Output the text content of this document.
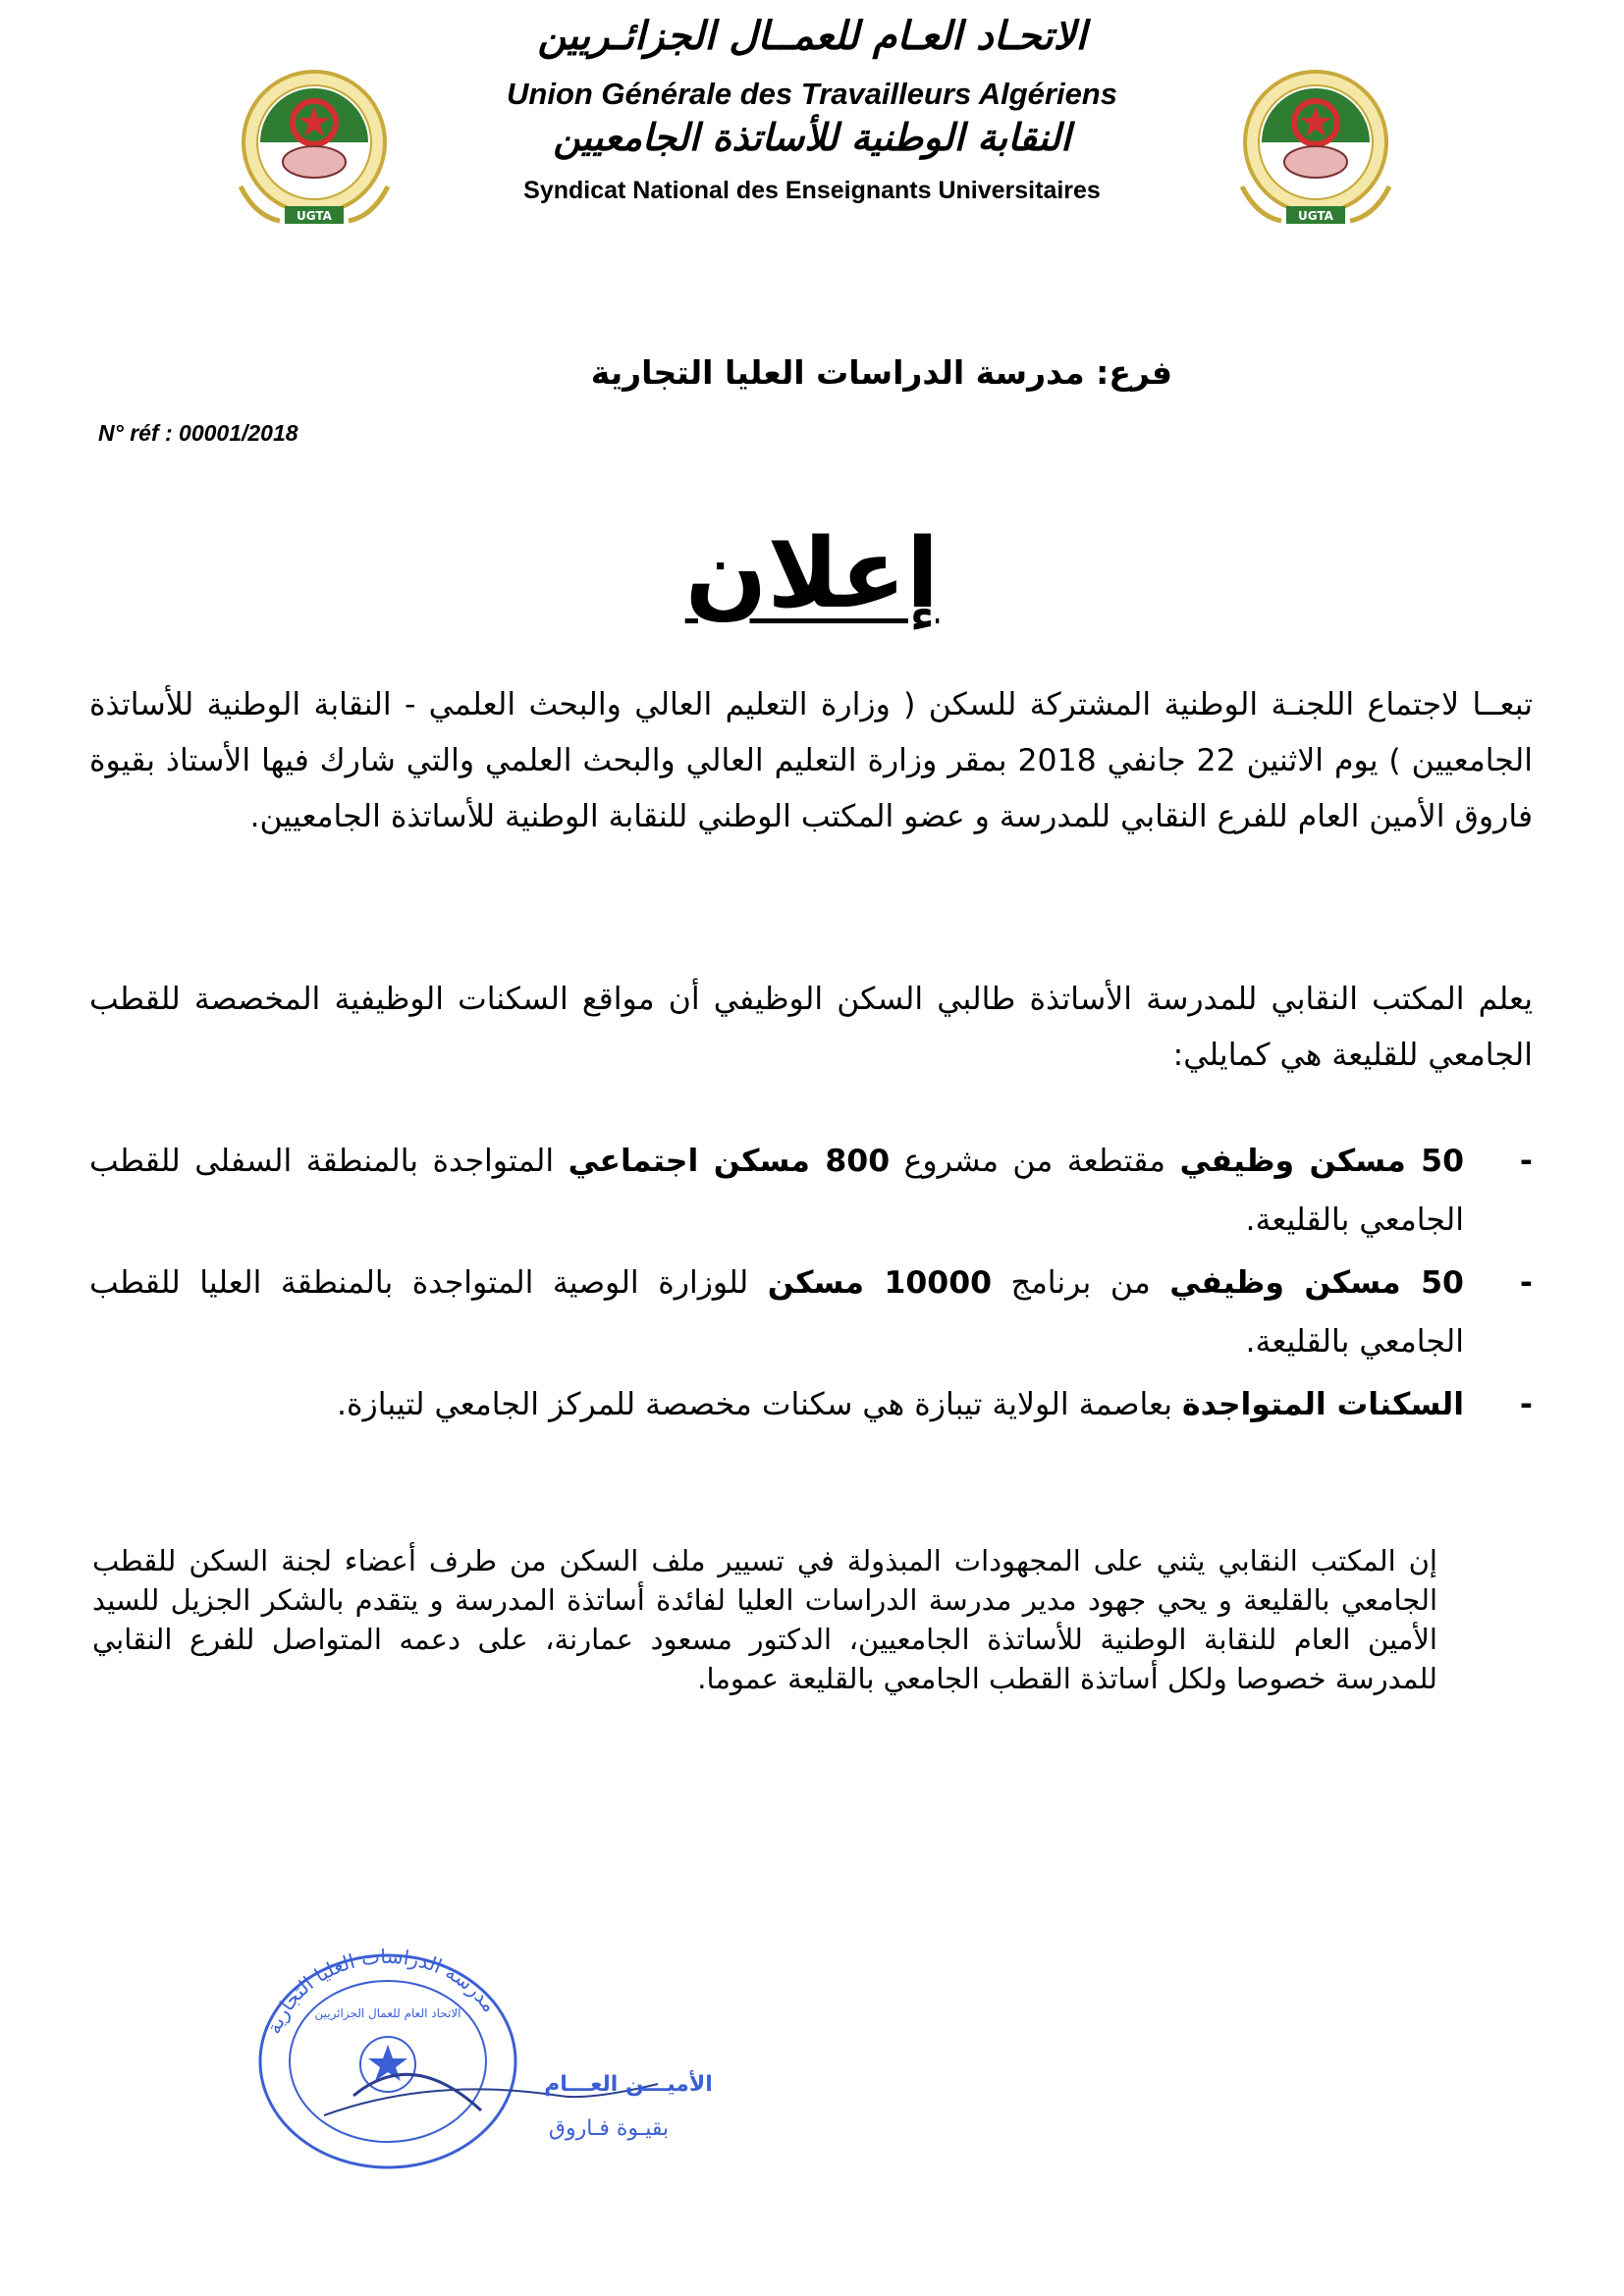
UGTA	UGTA
الاتحـاد العـام للعمــال الجزائـريين
Union Générale des Travailleurs Algériens
النقابة الوطنية للأساتذة الجامعيين
Syndicat National des Enseignants Universitaires
فرع: مدرسة الدراسات العليا التجارية
N° réf : 00001/2018
إعلان

تبعــا لاجتماع اللجنـة الوطنية المشتركة للسكن ( وزارة التعليم العالي والبحث العلمي - النقابة الوطنية للأساتذة الجامعيين ) يوم الاثنين 22 جانفي 2018 بمقر وزارة التعليم العالي والبحث العلمي والتي شارك فيها الأستاذ بقيوة فاروق الأمين العام للفرع النقابي للمدرسة و عضو المكتب الوطني للنقابة الوطنية للأساتذة الجامعيين.

يعلم المكتب النقابي للمدرسة الأساتذة طالبي السكن الوظيفي أن مواقع السكنات الوظيفية المخصصة للقطب الجامعي للقليعة هي كمايلي:

-
50 مسكن وظيفي مقتطعة من مشروع 800 مسكن اجتماعي المتواجدة بالمنطقة السفلى للقطب الجامعي بالقليعة.
-
50 مسكن وظيفي من برنامج 10000 مسكن للوزارة الوصية المتواجدة بالمنطقة العليا للقطب الجامعي بالقليعة.
-
السكنات المتواجدة بعاصمة الولاية تيبازة هي سكنات مخصصة للمركز الجامعي لتيبازة.

إن المكتب النقابي يثني على المجهودات المبذولة في تسيير ملف السكن من طرف أعضاء لجنة السكن للقطب الجامعي بالقليعة و يحي جهود مدير مدرسة الدراسات العليا لفائدة أساتذة المدرسة و يتقدم بالشكر الجزيل للسيد الأمين العام للنقابة الوطنية للأساتذة الجامعيين، الدكتور مسعود عمارنة، على دعمه المتواصل للفرع النقابي للمدرسة خصوصا ولكل أساتذة القطب الجامعي بالقليعة عموما.

مدرسة الدراسات العليا التجارية
الاتحاد العام للعمال الجزائريين
الأميـــن العـــام
بقيـوة فـاروق
